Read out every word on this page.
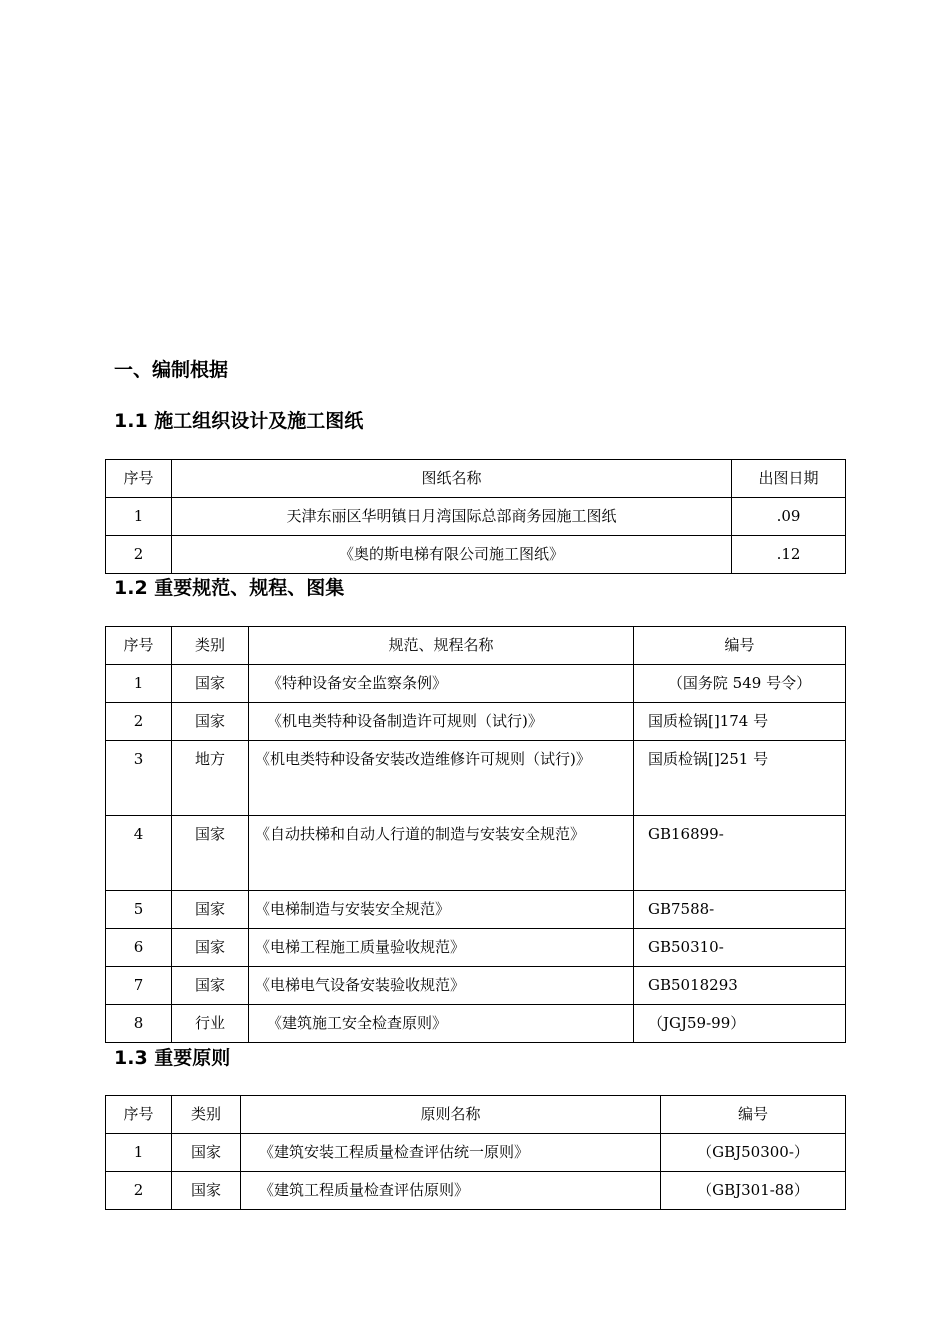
一、编制根据
1.1 施工组织设计及施工图纸
序号	图纸名称	出图日期
1	天津东丽区华明镇日月湾国际总部商务园施工图纸	.09
2	《奥的斯电梯有限公司施工图纸》	.12
1.2 重要规范、规程、图集
序号	类别	规范、规程名称	编号
1	国家	《特种设备安全监察条例》	（国务院 549 号令）
2	国家	《机电类特种设备制造许可规则（试行)》	国质检锅[]174 号
3	地方	《机电类特种设备安装改造维修许可规则（试行)》	国质检锅[]251 号
4	国家	《自动扶梯和自动人行道的制造与安装安全规范》	GB16899-
5	国家	《电梯制造与安装安全规范》	GB7588-
6	国家	《电梯工程施工质量验收规范》	GB50310-
7	国家	《电梯电气设备安装验收规范》	GB5018293
8	行业	《建筑施工安全检查原则》	（JGJ59-99）
1.3 重要原则
序号	类别	原则名称	编号
1	国家	《建筑安装工程质量检查评估统一原则》	（GBJ50300-）
2	国家	《建筑工程质量检查评估原则》	（GBJ301-88）
